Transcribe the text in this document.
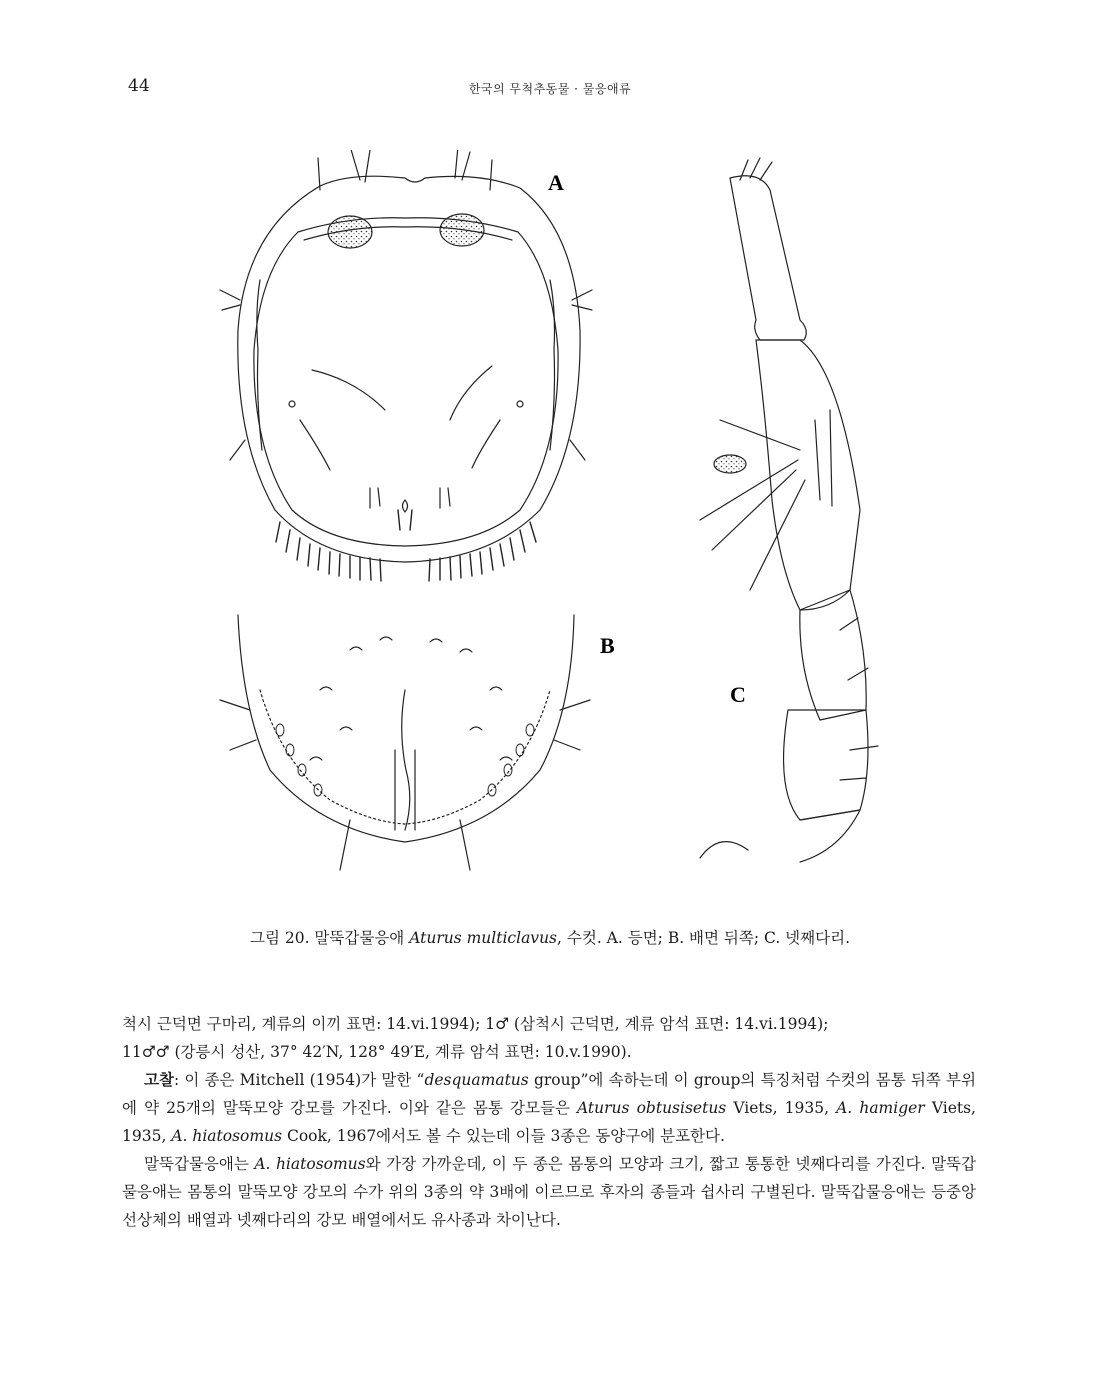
44	한국의 무척추동물 · 물응애류
A
B
C
그림 20. 말뚝갑물응애 Aturus multiclavus, 수컷. A. 등면; B. 배면 뒤쪽; C. 넷째다리.

척시 근덕면 구마리, 계류의 이끼 표면: 14.vi.1994); 1♂ (삼척시 근덕면, 계류 암석 표면: 14.vi.1994);

11♂♂ (강릉시 성산, 37° 42′N, 128° 49′E, 계류 암석 표면: 10.v.1990).

고찰: 이 종은 Mitchell (1954)가 말한 “desquamatus group”에 속하는데 이 group의 특징처럼 수컷의 몸통 뒤쪽 부위에 약 25개의 말뚝모양 강모를 가진다. 이와 같은 몸통 강모들은 Aturus obtusisetus Viets, 1935, A. hamiger Viets, 1935, A. hiatosomus Cook, 1967에서도 볼 수 있는데 이들 3종은 동양구에 분포한다.

말뚝갑물응애는 A. hiatosomus와 가장 가까운데, 이 두 종은 몸통의 모양과 크기, 짧고 통통한 넷째다리를 가진다. 말뚝갑물응애는 몸통의 말뚝모양 강모의 수가 위의 3종의 약 3배에 이르므로 후자의 종들과 쉽사리 구별된다. 말뚝갑물응애는 등중앙선상체의 배열과 넷째다리의 강모 배열에서도 유사종과 차이난다.
